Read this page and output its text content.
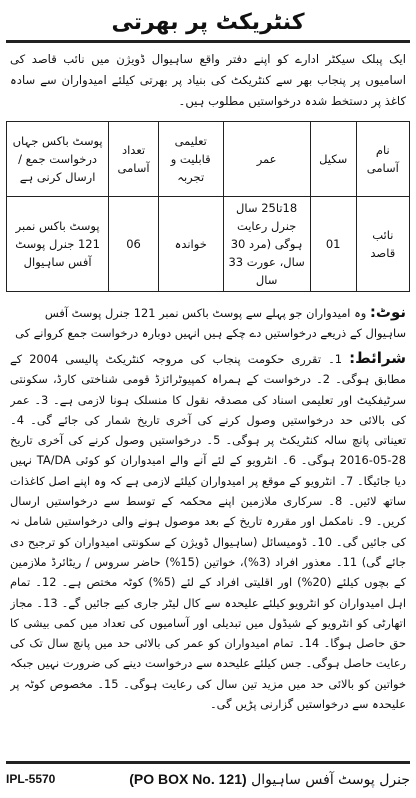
کنٹریکٹ پر بھرتی
ایک پبلک سیکٹر ادارے کو اپنے دفتر واقع ساہیوال ڈویژن میں نائب قاصد کی اسامیوں پر پنجاب بھر سے کنٹریکٹ کی بنیاد پر بھرتی کیلئے امیدواران سے سادہ کاغذ پر دستخط شدہ درخواستیں مطلوب ہیں۔
نام آسامی	سکیل	عمر	تعلیمی قابلیت و تجربہ	تعداد آسامی	پوسٹ باکس جہاں درخواست جمع / ارسال کرنی ہے
نائب قاصد	01	18تا25 سال جنرل رعایت ہوگی (مرد 30 سال، عورت 33 سال	خواندہ	06	پوسٹ باکس نمبر 121 جنرل پوسٹ آفس ساہیوال
نوٹ: وہ امیدواران جو پہلے سے پوسٹ باکس نمبر 121 جنرل پوسٹ آفس ساہیوال کے ذریعے درخواستیں دے چکے ہیں انہیں دوبارہ درخواست جمع کروانے کی
شرائط: 1۔ تقرری حکومت پنجاب کی مروجہ کنٹریکٹ پالیسی 2004 کے مطابق ہوگی۔ 2۔ درخواست کے ہمراہ کمپیوٹرائزڈ قومی شناختی کارڈ، سکونتی سرٹیفکیٹ اور تعلیمی اسناد کی مصدقہ نقول کا منسلک ہونا لازمی ہے۔ 3۔ عمر کی بالائی حد درخواستیں وصول کرنے کی آخری تاریخ شمار کی جائے گی۔ 4۔ تعیناتی پانچ سالہ کنٹریکٹ پر ہوگی۔ 5۔ درخواستیں وصول کرنے کی آخری تاریخ 28-05-2016 ہوگی۔ 6۔ انٹرویو کے لئے آنے والے امیدواران کو کوئی TA/DA نہیں دیا جائیگا۔ 7۔ انٹرویو کے موقع پر امیدواران کیلئے لازمی ہے کہ وہ اپنے اصل کاغذات ساتھ لائیں۔ 8۔ سرکاری ملازمین اپنے محکمہ کے توسط سے درخواستیں ارسال کریں۔ 9۔ نامکمل اور مقررہ تاریخ کے بعد موصول ہونے والی درخواستیں شامل نہ کی جائیں گی۔ 10۔ ڈومیسائل (ساہیوال ڈویژن کے سکونتی امیدواران کو ترجیح دی جائے گی) 11۔ معذور افراد (3%)، خواتین (15%) حاضر سروس / ریٹائرڈ ملازمین کے بچوں کیلئے (20%) اور اقلیتی افراد کے لئے (5%) کوٹہ مختص ہے۔ 12۔ تمام اہل امیدواران کو انٹرویو کیلئے علیحدہ سے کال لیٹر جاری کیے جائیں گے۔ 13۔ مجاز اتھارٹی کو انٹرویو کے شیڈول میں تبدیلی اور آسامیوں کی تعداد میں کمی بیشی کا حق حاصل ہوگا۔ 14۔ تمام امیدواران کو عمر کی بالائی حد میں پانچ سال تک کی رعایت حاصل ہوگی۔ جس کیلئے علیحدہ سے درخواست دینے کی ضرورت نہیں جبکہ خواتین کو بالائی حد میں مزید تین سال کی رعایت ہوگی۔ 15۔ مخصوص کوٹہ پر علیحدہ سے درخواستیں گزارنی پڑیں گی۔
IPL-5570	(PO BOX No. 121) جنرل پوسٹ آفس ساہیوال
